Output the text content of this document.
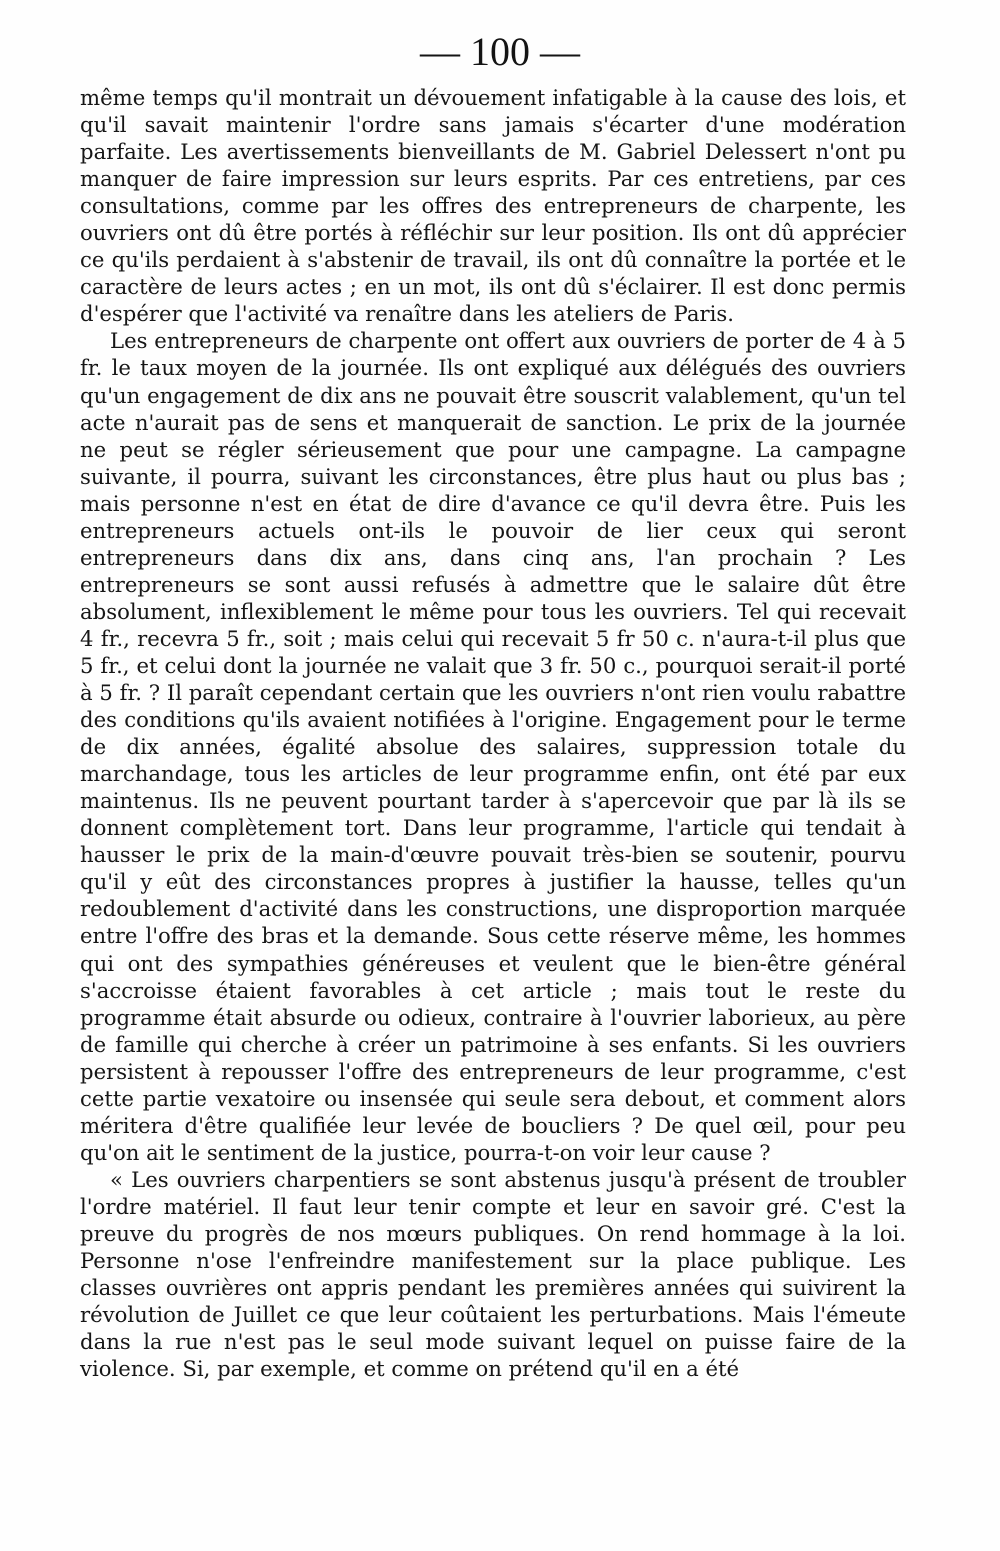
— 100 —

même temps qu'il montrait un dévouement infatigable à la cause des lois, et qu'il savait maintenir l'ordre sans jamais s'écarter d'une modération parfaite. Les avertissements bienveillants de M. Gabriel Delessert n'ont pu manquer de faire impression sur leurs esprits. Par ces entretiens, par ces consultations, comme par les offres des entrepreneurs de charpente, les ouvriers ont dû être portés à réfléchir sur leur position. Ils ont dû apprécier ce qu'ils perdaient à s'abstenir de travail, ils ont dû connaître la portée et le caractère de leurs actes ; en un mot, ils ont dû s'éclairer. Il est donc permis d'espérer que l'activité va renaître dans les ateliers de Paris.

Les entrepreneurs de charpente ont offert aux ouvriers de porter de 4 à 5 fr. le taux moyen de la journée. Ils ont expliqué aux délégués des ouvriers qu'un engagement de dix ans ne pouvait être souscrit valablement, qu'un tel acte n'aurait pas de sens et manquerait de sanction. Le prix de la journée ne peut se régler sérieusement que pour une campagne. La campagne suivante, il pourra, suivant les circonstances, être plus haut ou plus bas ; mais personne n'est en état de dire d'avance ce qu'il devra être. Puis les entrepreneurs actuels ont-ils le pouvoir de lier ceux qui seront entrepreneurs dans dix ans, dans cinq ans, l'an prochain ? Les entrepreneurs se sont aussi refusés à admettre que le salaire dût être absolument, inflexiblement le même pour tous les ouvriers. Tel qui recevait 4 fr., recevra 5 fr., soit ; mais celui qui recevait 5 fr 50 c. n'aura-t-il plus que 5 fr., et celui dont la journée ne valait que 3 fr. 50 c., pourquoi serait-il porté à 5 fr. ? Il paraît cependant certain que les ouvriers n'ont rien voulu rabattre des conditions qu'ils avaient notifiées à l'origine. Engagement pour le terme de dix années, égalité absolue des salaires, suppression totale du marchandage, tous les articles de leur programme enfin, ont été par eux maintenus. Ils ne peuvent pourtant tarder à s'apercevoir que par là ils se donnent complètement tort. Dans leur programme, l'article qui tendait à hausser le prix de la main-d'œuvre pouvait très-bien se soutenir, pourvu qu'il y eût des circonstances propres à justifier la hausse, telles qu'un redoublement d'activité dans les constructions, une disproportion marquée entre l'offre des bras et la demande. Sous cette réserve même, les hommes qui ont des sympathies généreuses et veulent que le bien-être général s'accroisse étaient favorables à cet article ; mais tout le reste du programme était absurde ou odieux, contraire à l'ouvrier laborieux, au père de famille qui cherche à créer un patrimoine à ses enfants. Si les ouvriers persistent à repousser l'offre des entrepreneurs de leur programme, c'est cette partie vexatoire ou insensée qui seule sera debout, et comment alors méritera d'être qualifiée leur levée de boucliers ? De quel œil, pour peu qu'on ait le sentiment de la justice, pourra-t-on voir leur cause ?

« Les ouvriers charpentiers se sont abstenus jusqu'à présent de troubler l'ordre matériel. Il faut leur tenir compte et leur en savoir gré. C'est la preuve du progrès de nos mœurs publiques. On rend hommage à la loi. Personne n'ose l'enfreindre manifestement sur la place publique. Les classes ouvrières ont appris pendant les premières années qui suivirent la révolution de Juillet ce que leur coûtaient les perturbations. Mais l'émeute dans la rue n'est pas le seul mode suivant lequel on puisse faire de la violence. Si, par exemple, et comme on prétend qu'il en a été
